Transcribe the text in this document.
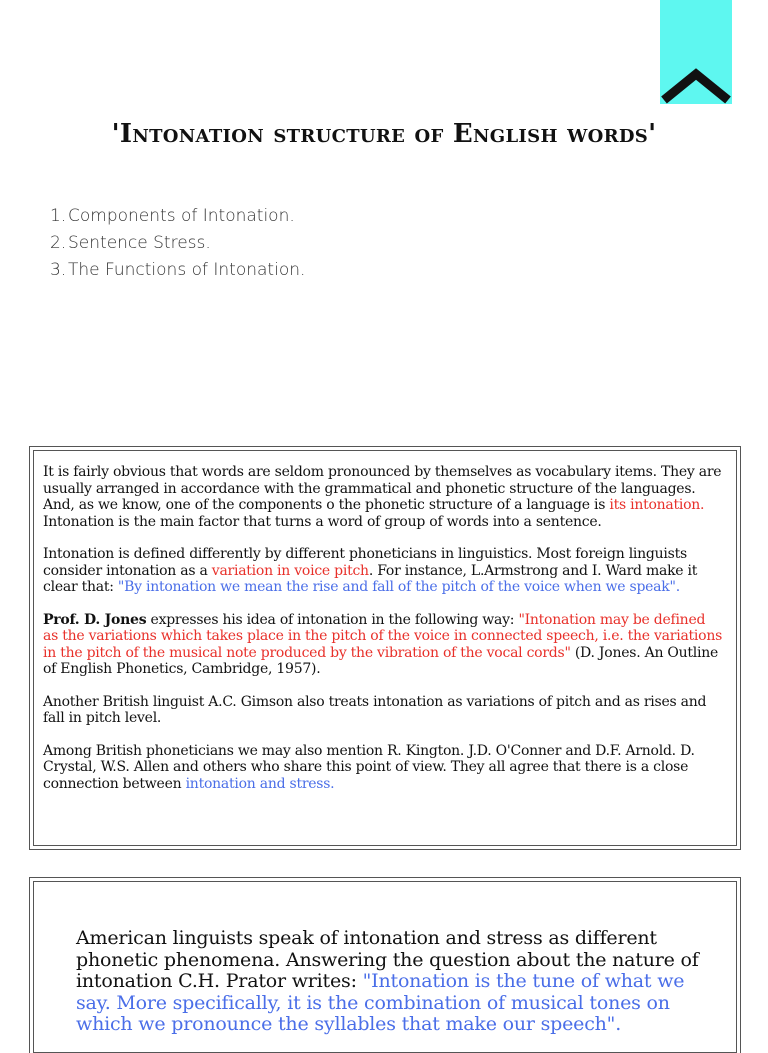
'Intonation structure of English words'
1. Components of Intonation.
2. Sentence Stress.
3. The Functions of Intonation.

It is fairly obvious that words are seldom pronounced by themselves as vocabulary items. They are usually arranged in accordance with the grammatical and phonetic structure of the languages. And, as we know, one of the components o the phonetic structure of a language is its intonation. Intonation is the main factor that turns a word of group of words into a sentence.

Intonation is defined differently by different phoneticians in linguistics. Most foreign linguists consider intonation as a variation in voice pitch. For instance, L.Armstrong and I. Ward make it clear that: "By intonation we mean the rise and fall of the pitch of the voice when we speak".

Prof. D. Jones expresses his idea of intonation in the following way: "Intonation may be defined as the variations which takes place in the pitch of the voice in connected speech, i.e. the variations in the pitch of the musical note produced by the vibration of the vocal cords" (D. Jones. An Outline of English Phonetics, Cambridge, 1957).

Another British linguist A.C. Gimson also treats intonation as variations of pitch and as rises and fall in pitch level.

Among British phoneticians we may also mention R. Kington. J.D. O'Conner and D.F. Arnold. D. Crystal, W.S. Allen and others who share this point of view. They all agree that there is a close connection between intonation and stress.

American linguists speak of intonation and stress as different phonetic phenomena. Answering the question about the nature of intonation C.H. Prator writes: "Intonation is the tune of what we say. More specifically, it is the combination of musical tones on which we pronounce the syllables that make our speech".
